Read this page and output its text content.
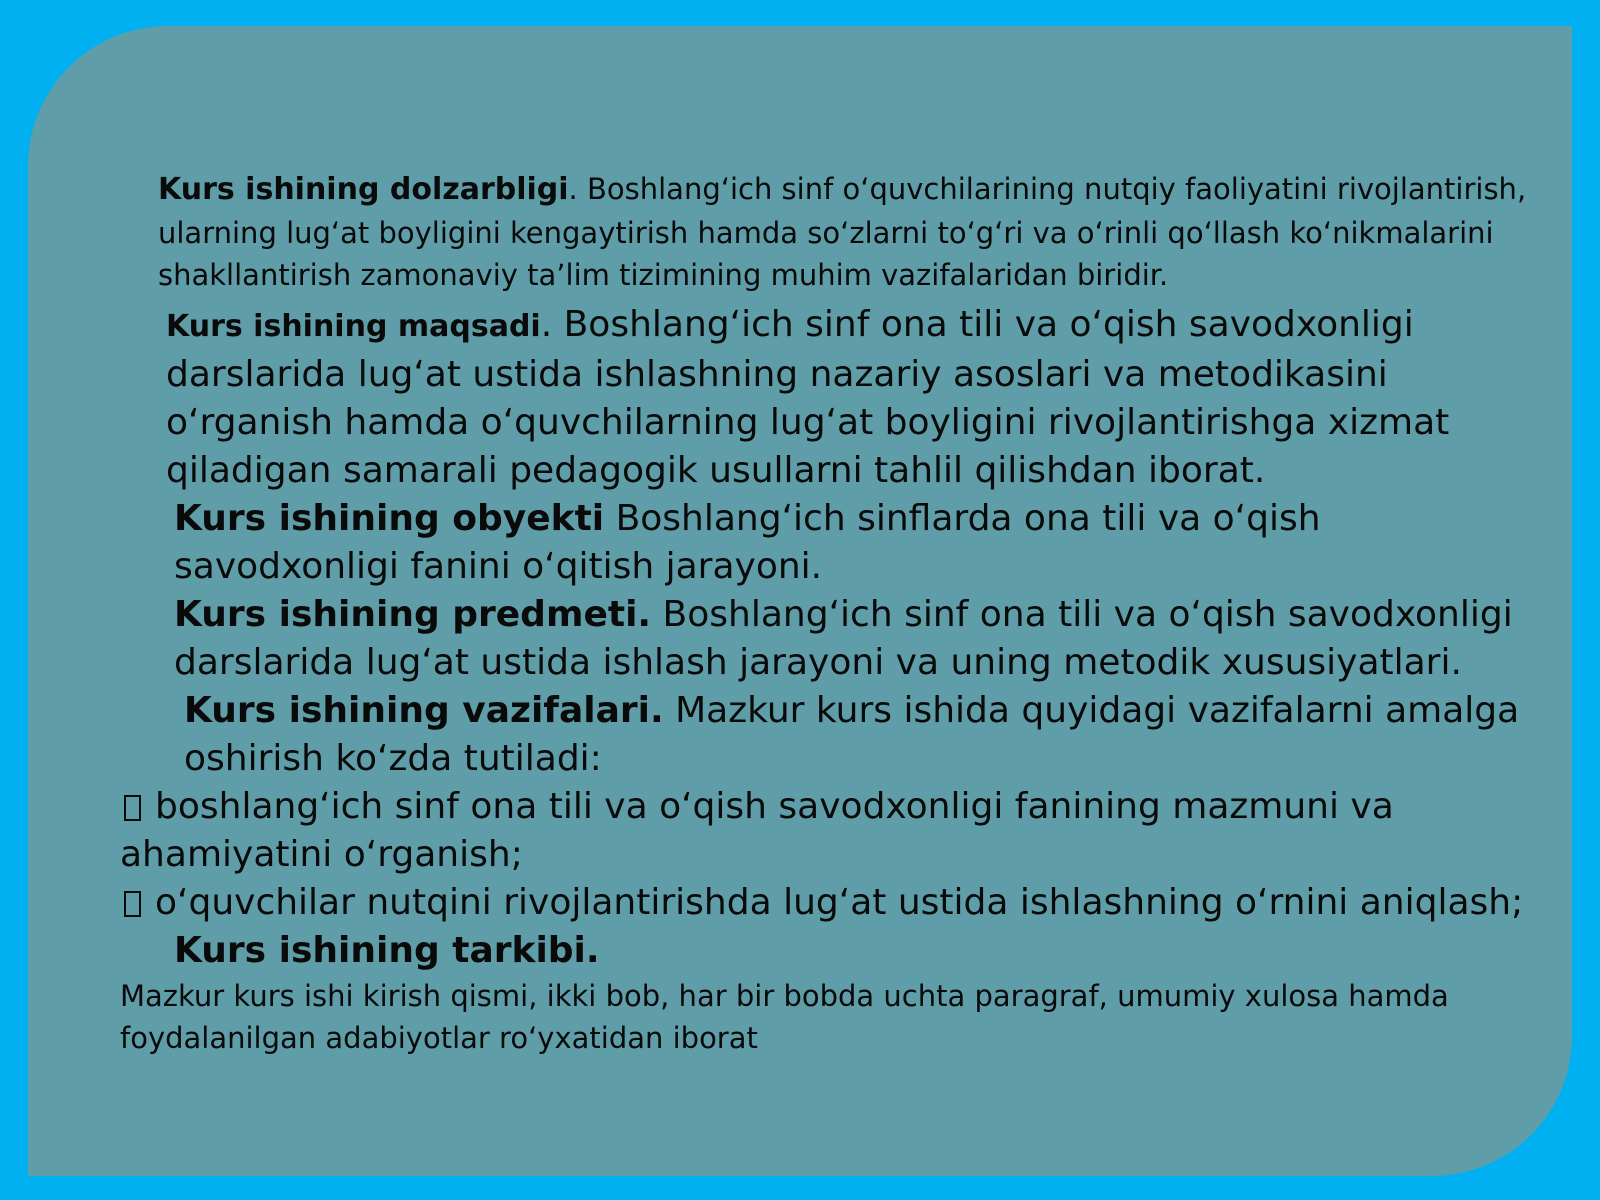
Kurs ishining dolzarbligi. Boshlang‘ich sinf o‘quvchilarining nutqiy faoliyatini rivojlantirish, ularning lug‘at boyligini kengaytirish hamda so‘zlarni to‘g‘ri va o‘rinli qo‘llash ko‘nikmalarini shakllantirish zamonaviy ta’lim tizimining muhim vazifalaridan biridir.

Kurs ishining maqsadi. Boshlang‘ich sinf ona tili va o‘qish savodxonligi darslarida lug‘at ustida ishlashning nazariy asoslari va metodikasini o‘rganish hamda o‘quvchilarning lug‘at boyligini rivojlantirishga xizmat qiladigan samarali pedagogik usullarni tahlil qilishdan iborat.

Kurs ishining obyekti Boshlang‘ich sinflarda ona tili va o‘qish savodxonligi fanini o‘qitish jarayoni.

Kurs ishining predmeti. Boshlang‘ich sinf ona tili va o‘qish savodxonligi darslarida lug‘at ustida ishlash jarayoni va uning metodik xususiyatlari.

Kurs ishining vazifalari. Mazkur kurs ishida quyidagi vazifalarni amalga oshirish ko‘zda tutiladi:

boshlang‘ich sinf ona tili va o‘qish savodxonligi fanining mazmuni va ahamiyatini o‘rganish;

o‘quvchilar nutqini rivojlantirishda lug‘at ustida ishlashning o‘rnini aniqlash;

Kurs ishining tarkibi.

Mazkur kurs ishi kirish qismi, ikki bob, har bir bobda uchta paragraf, umumiy xulosa hamda foydalanilgan adabiyotlar ro‘yxatidan iborat
